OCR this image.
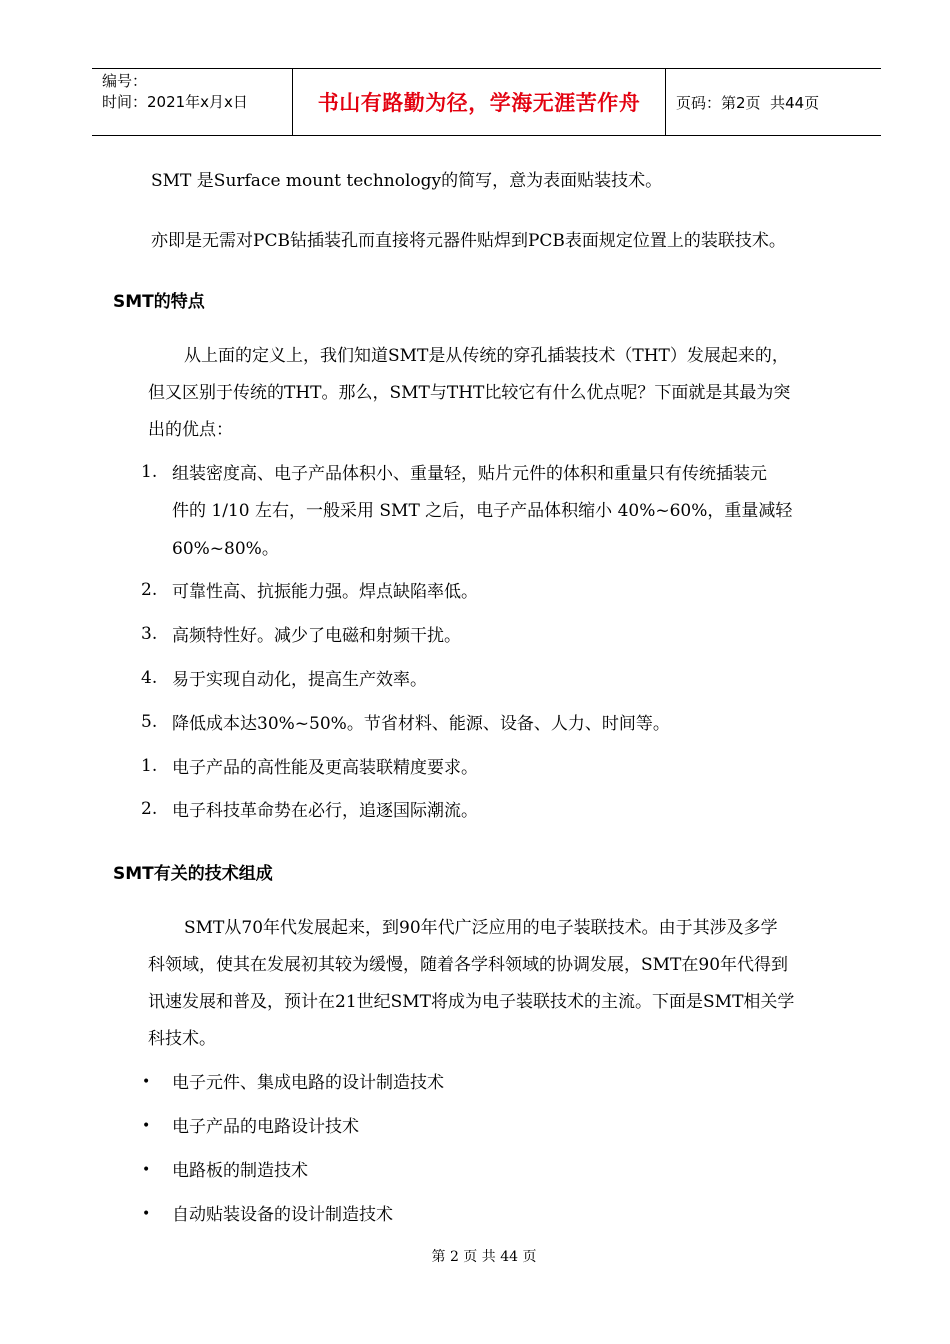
编号：
时间：2021年x月x日	书山有路勤为径，学海无涯苦作舟	页码：第2页  共44页
SMT 是Surface mount technology的简写，意为表面贴装技术。
亦即是无需对PCB钻插装孔而直接将元器件贴焊到PCB表面规定位置上的装联技术。
SMT的特点
从上面的定义上，我们知道SMT是从传统的穿孔插装技术（THT）发展起来的，
但又区别于传统的THT。那么，SMT与THT比较它有什么优点呢？下面就是其最为突
出的优点：
1. 组装密度高、电子产品体积小、重量轻，贴片元件的体积和重量只有传统插装元
件的 1/10 左右，一般采用 SMT 之后，电子产品体积缩小 40%~60%，重量减轻
60%~80%。
2. 可靠性高、抗振能力强。焊点缺陷率低。
3. 高频特性好。减少了电磁和射频干扰。
4. 易于实现自动化，提高生产效率。
5. 降低成本达30%~50%。节省材料、能源、设备、人力、时间等。
1. 电子产品的高性能及更高装联精度要求。
2. 电子科技革命势在必行，追逐国际潮流。
SMT有关的技术组成
SMT从70年代发展起来，到90年代广泛应用的电子装联技术。由于其涉及多学
科领域，使其在发展初其较为缓慢，随着各学科领域的协调发展，SMT在90年代得到
讯速发展和普及，预计在21世纪SMT将成为电子装联技术的主流。下面是SMT相关学
科技术。
• 电子元件、集成电路的设计制造技术
• 电子产品的电路设计技术
• 电路板的制造技术
• 自动贴装设备的设计制造技术
第 2 页 共 44 页
